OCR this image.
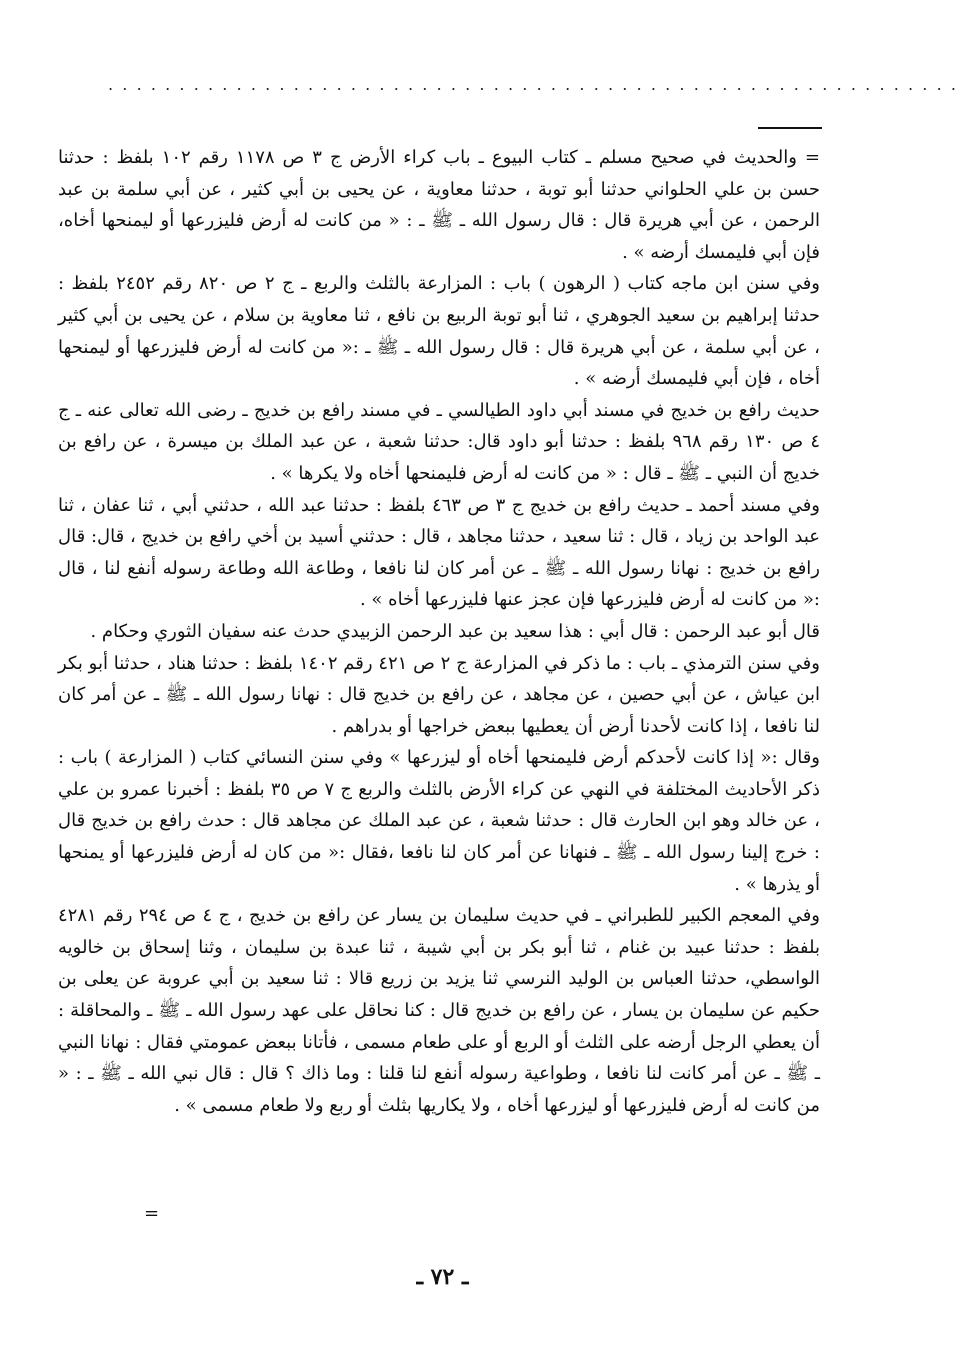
............................................................

= والحديث في صحيح مسلم ـ كتاب البيوع ـ باب كراء الأرض ج ٣ ص ١١٧٨ رقم ١٠٢ بلفظ : حدثنا حسن بن علي الحلواني حدثنا أبو توبة ، حدثنا معاوية ، عن يحيى بن أبي كثير ، عن أبي سلمة بن عبد الرحمن ، عن أبي هريرة قال : قال رسول الله ـ ﷺ ـ : « من كانت له أرض فليزرعها أو ليمنحها أخاه، فإن أبي فليمسك أرضه » .

وفي سنن ابن ماجه كتاب ( الرهون ) باب : المزارعة بالثلث والربع ـ ج ٢ ص ٨٢٠ رقم ٢٤٥٢ بلفظ : حدثنا إبراهيم بن سعيد الجوهري ، ثنا أبو توبة الربيع بن نافع ، ثنا معاوية بن سلام ، عن يحيى بن أبي كثير ، عن أبي سلمة ، عن أبي هريرة قال : قال رسول الله ـ ﷺ ـ :« من كانت له أرض فليزرعها أو ليمنحها أخاه ، فإن أبي فليمسك أرضه » .

حديث رافع بن خديج في مسند أبي داود الطيالسي ـ في مسند رافع بن خديج ـ رضى الله تعالى عنه ـ ج ٤ ص ١٣٠ رقم ٩٦٨ بلفظ : حدثنا أبو داود قال: حدثنا شعبة ، عن عبد الملك بن ميسرة ، عن رافع بن خديج أن النبي ـ ﷺ ـ قال : « من كانت له أرض فليمنحها أخاه ولا يكرها » .

وفي مسند أحمد ـ حديث رافع بن خديج ج ٣ ص ٤٦٣ بلفظ : حدثنا عبد الله ، حدثني أبي ، ثنا عفان ، ثنا عبد الواحد بن زياد ، قال : ثنا سعيد ، حدثنا مجاهد ، قال : حدثني أسيد بن أخي رافع بن خديج ، قال: قال رافع بن خديج : نهانا رسول الله ـ ﷺ ـ عن أمر كان لنا نافعا ، وطاعة الله وطاعة رسوله أنفع لنا ، قال :« من كانت له أرض فليزرعها فإن عجز عنها فليزرعها أخاه » .

قال أبو عبد الرحمن : قال أبي : هذا سعيد بن عبد الرحمن الزبيدي حدث عنه سفيان الثوري وحكام .

وفي سنن الترمذي ـ باب : ما ذكر في المزارعة ج ٢ ص ٤٢١ رقم ١٤٠٢ بلفظ : حدثنا هناد ، حدثنا أبو بكر ابن عياش ، عن أبي حصين ، عن مجاهد ، عن رافع بن خديج قال : نهانا رسول الله ـ ﷺ ـ عن أمر كان لنا نافعا ، إذا كانت لأحدنا أرض أن يعطيها ببعض خراجها أو بدراهم .

وقال :« إذا كانت لأحدكم أرض فليمنحها أخاه أو ليزرعها » وفي سنن النسائي كتاب ( المزارعة ) باب : ذكر الأحاديث المختلفة في النهي عن كراء الأرض بالثلث والربع ج ٧ ص ٣٥ بلفظ : أخبرنا عمرو بن علي ، عن خالد وهو ابن الحارث قال : حدثنا شعبة ، عن عبد الملك عن مجاهد قال : حدث رافع بن خديج قال : خرج إلينا رسول الله ـ ﷺ ـ فنهانا عن أمر كان لنا نافعا ،فقال :« من كان له أرض فليزرعها أو يمنحها أو يذرها » .

وفي المعجم الكبير للطبراني ـ في حديث سليمان بن يسار عن رافع بن خديج ، ج ٤ ص ٢٩٤ رقم ٤٢٨١ بلفظ : حدثنا عبيد بن غنام ، ثنا أبو بكر بن أبي شيبة ، ثنا عبدة بن سليمان ، وثنا إسحاق بن خالويه الواسطي، حدثنا العباس بن الوليد النرسي ثنا يزيد بن زريع قالا : ثنا سعيد بن أبي عروبة عن يعلى بن حكيم عن سليمان بن يسار ، عن رافع بن خديج قال : كنا نحاقل على عهد رسول الله ـ ﷺ ـ والمحاقلة : أن يعطي الرجل أرضه على الثلث أو الربع أو على طعام مسمى ، فأتانا ببعض عمومتي فقال : نهانا النبي ـ ﷺ ـ عن أمر كانت لنا نافعا ، وطواعية رسوله أنفع لنا قلنا : وما ذاك ؟ قال : قال نبي الله ـ ﷺ ـ : « من كانت له أرض فليزرعها أو ليزرعها أخاه ، ولا يكاريها بثلث أو ربع ولا طعام مسمى » .

=
ـ ٧٢ ـ
